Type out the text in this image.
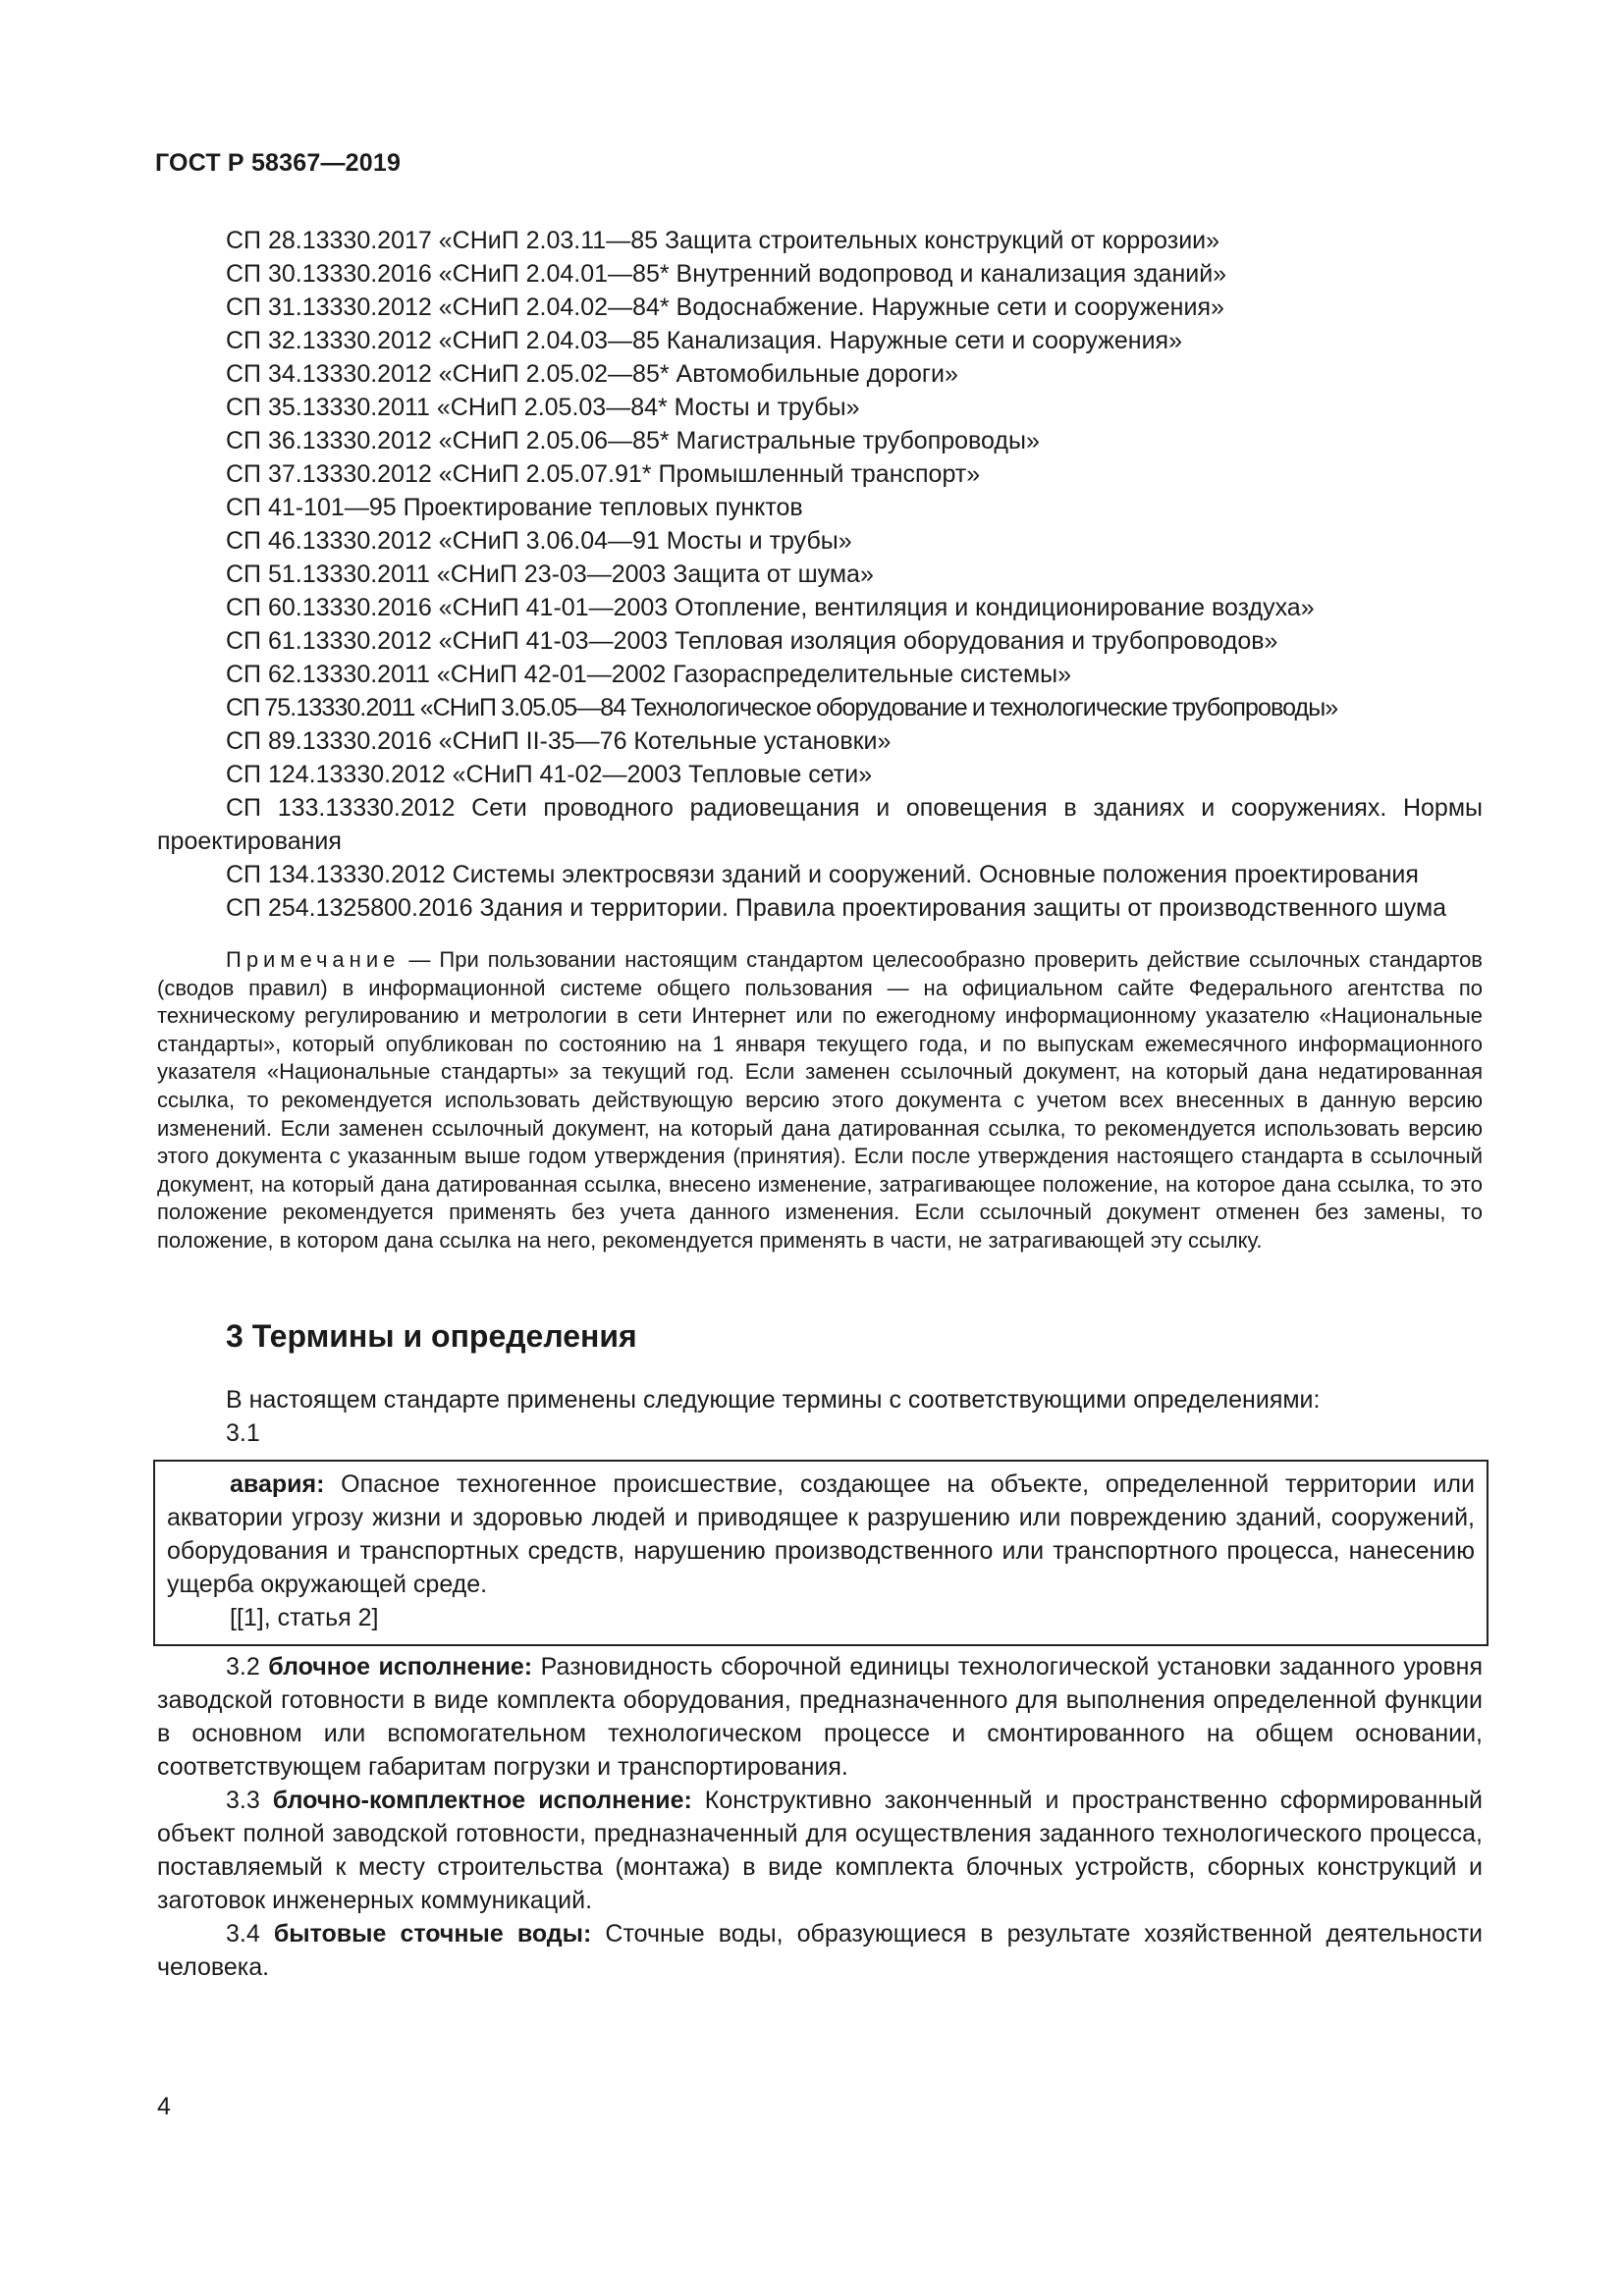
ГОСТ Р 58367—2019

СП 28.13330.2017 «СНиП 2.03.11—85 Защита строительных конструкций от коррозии»

СП 30.13330.2016 «СНиП 2.04.01—85* Внутренний водопровод и канализация зданий»

СП 31.13330.2012 «СНиП 2.04.02—84* Водоснабжение. Наружные сети и сооружения»

СП 32.13330.2012 «СНиП 2.04.03—85 Канализация. Наружные сети и сооружения»

СП 34.13330.2012 «СНиП 2.05.02—85* Автомобильные дороги»

СП 35.13330.2011 «СНиП 2.05.03—84* Мосты и трубы»

СП 36.13330.2012 «СНиП 2.05.06—85* Магистральные трубопроводы»

СП 37.13330.2012 «СНиП 2.05.07.91* Промышленный транспорт»

СП 41-101—95 Проектирование тепловых пунктов

СП 46.13330.2012 «СНиП 3.06.04—91 Мосты и трубы»

СП 51.13330.2011 «СНиП 23-03—2003 Защита от шума»

СП 60.13330.2016 «СНиП 41-01—2003 Отопление, вентиляция и кондиционирование воздуха»

СП 61.13330.2012 «СНиП 41-03—2003 Тепловая изоляция оборудования и трубопроводов»

СП 62.13330.2011 «СНиП 42-01—2002 Газораспределительные системы»

СП 75.13330.2011 «СНиП 3.05.05—84 Технологическое оборудование и технологические трубопроводы»

СП 89.13330.2016 «СНиП II-35—76 Котельные установки»

СП 124.13330.2012 «СНиП 41-02—2003 Тепловые сети»

СП 133.13330.2012 Сети проводного радиовещания и оповещения в зданиях и сооружениях. Нормы проектирования

СП 134.13330.2012 Системы электросвязи зданий и сооружений. Основные положения проектирования

СП 254.1325800.2016 Здания и территории. Правила проектирования защиты от производственного шума

Примечание — При пользовании настоящим стандартом целесообразно проверить действие ссылочных стандартов (сводов правил) в информационной системе общего пользования — на официальном сайте Федерального агентства по техническому регулированию и метрологии в сети Интернет или по ежегодному информационному указателю «Национальные стандарты», который опубликован по состоянию на 1 января текущего года, и по выпускам ежемесячного информационного указателя «Национальные стандарты» за текущий год. Если заменен ссылочный документ, на который дана недатированная ссылка, то рекомендуется использовать действующую версию этого документа с учетом всех внесенных в данную версию изменений. Если заменен ссылочный документ, на который дана датированная ссылка, то рекомендуется использовать версию этого документа с указанным выше годом утверждения (принятия). Если после утверждения настоящего стандарта в ссылочный документ, на который дана датированная ссылка, внесено изменение, затрагивающее положение, на которое дана ссылка, то это положение рекомендуется применять без учета данного изменения. Если ссылочный документ отменен без замены, то положение, в котором дана ссылка на него, рекомендуется применять в части, не затрагивающей эту ссылку.

3 Термины и определения

В настоящем стандарте применены следующие термины с соответствующими определениями:

3.1

авария: Опасное техногенное происшествие, создающее на объекте, определенной территории или акватории угрозу жизни и здоровью людей и приводящее к разрушению или повреждению зданий, сооружений, оборудования и транспортных средств, нарушению производственного или транспортного процесса, нанесению ущерба окружающей среде.

[[1], статья 2]

3.2 блочное исполнение: Разновидность сборочной единицы технологической установки заданного уровня заводской готовности в виде комплекта оборудования, предназначенного для выполнения определенной функции в основном или вспомогательном технологическом процессе и смонтированного на общем основании, соответствующем габаритам погрузки и транспортирования.

3.3 блочно-комплектное исполнение: Конструктивно законченный и пространственно сформированный объект полной заводской готовности, предназначенный для осуществления заданного технологического процесса, поставляемый к месту строительства (монтажа) в виде комплекта блочных устройств, сборных конструкций и заготовок инженерных коммуникаций.

3.4 бытовые сточные воды: Сточные воды, образующиеся в результате хозяйственной деятельности человека.

4
